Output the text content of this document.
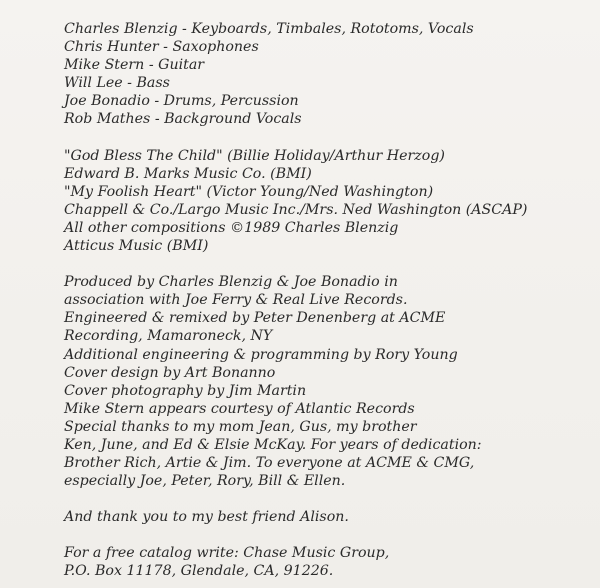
Charles Blenzig - Keyboards, Timbales, Rototoms, Vocals
Chris Hunter - Saxophones
Mike Stern - Guitar
Will Lee - Bass
Joe Bonadio - Drums, Percussion
Rob Mathes - Background Vocals
"God Bless The Child" (Billie Holiday/Arthur Herzog)
Edward B. Marks Music Co. (BMI)
"My Foolish Heart" (Victor Young/Ned Washington)
Chappell & Co./Largo Music Inc./Mrs. Ned Washington (ASCAP)
All other compositions ©1989 Charles Blenzig
Atticus Music (BMI)
Produced by Charles Blenzig & Joe Bonadio in
association with Joe Ferry & Real Live Records.
Engineered & remixed by Peter Denenberg at ACME
Recording, Mamaroneck, NY
Additional engineering & programming by Rory Young
Cover design by Art Bonanno
Cover photography by Jim Martin
Mike Stern appears courtesy of Atlantic Records
Special thanks to my mom Jean, Gus, my brother
Ken, June, and Ed & Elsie McKay. For years of dedication:
Brother Rich, Artie & Jim. To everyone at ACME & CMG,
especially Joe, Peter, Rory, Bill & Ellen.
And thank you to my best friend Alison.
For a free catalog write: Chase Music Group,
P.O. Box 11178, Glendale, CA, 91226.
